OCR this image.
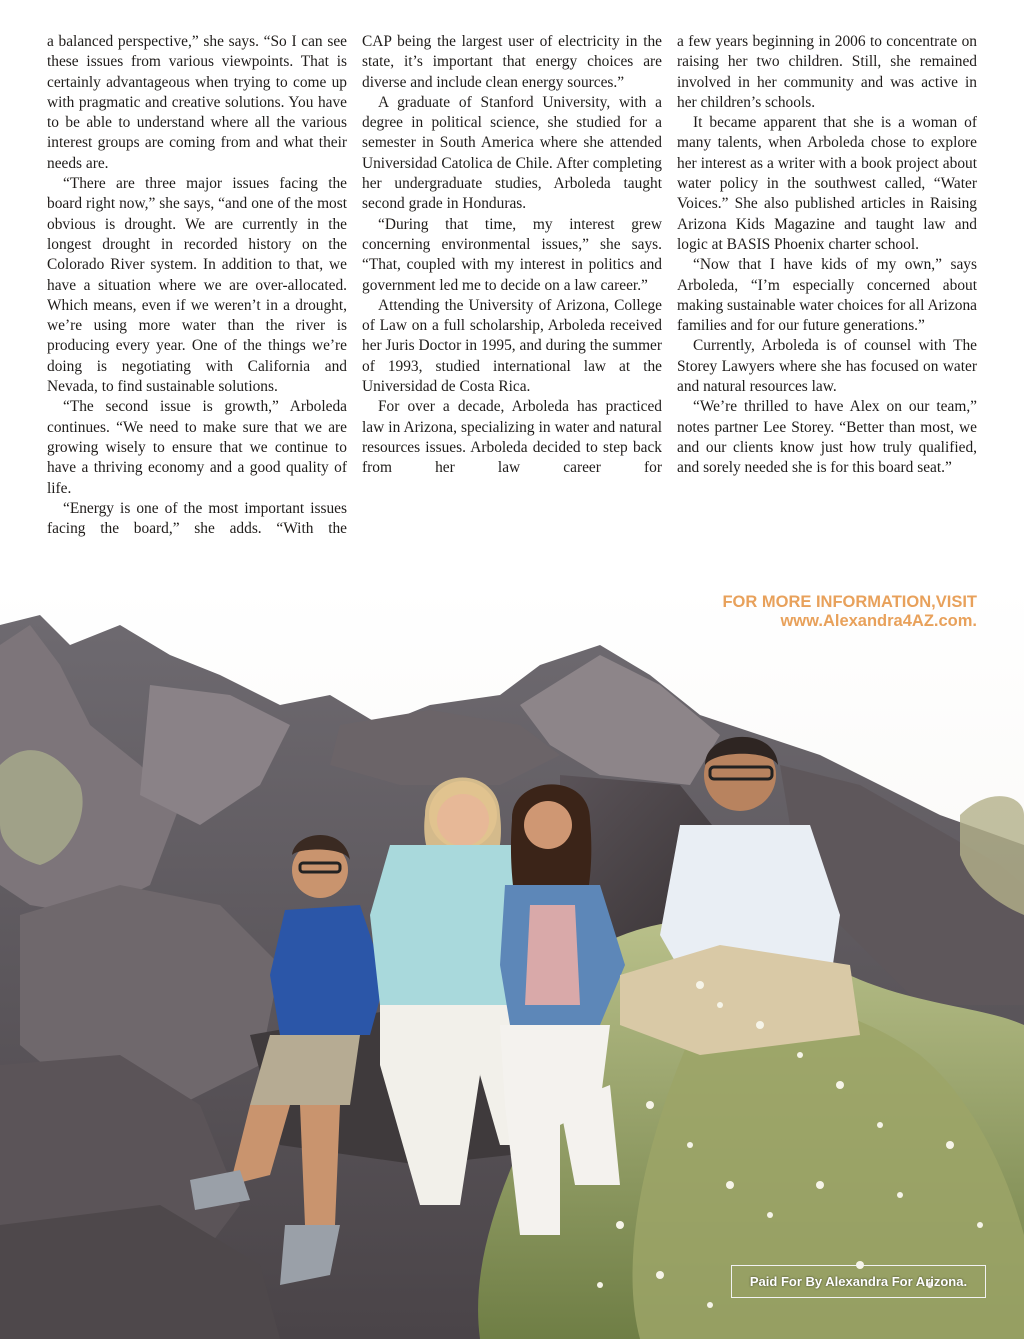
a balanced perspective,” she says. “So I can see these issues from various viewpoints. That is certainly advantageous when trying to come up with pragmatic and creative solutions. You have to be able to understand where all the various interest groups are coming from and what their needs are.

“There are three major issues facing the board right now,” she says, “and one of the most obvious is drought. We are currently in the longest drought in recorded history on the Colorado River system. In addition to that, we have a situation where we are over-allocated. Which means, even if we weren’t in a drought, we’re using more water than the river is producing every year. One of the things we’re doing is negotiating with California and Nevada, to find sustainable solutions.

“The second issue is growth,” Arboleda continues. “We need to make sure that we are growing wisely to ensure that we continue to have a thriving economy and a good quality of life.

“Energy is one of the most important issues facing the board,” she adds. “With the

CAP being the largest user of electricity in the state, it’s important that energy choices are diverse and include clean energy sources.”

A graduate of Stanford University, with a degree in political science, she studied for a semester in South America where she attended Universidad Catolica de Chile. After completing her undergraduate studies, Arboleda taught second grade in Honduras.

“During that time, my interest grew concerning environmental issues,” she says. “That, coupled with my interest in politics and government led me to decide on a law career.”

Attending the University of Arizona, College of Law on a full scholarship, Arboleda received her Juris Doctor in 1995, and during the summer of 1993, studied international law at the Universidad de Costa Rica.

For over a decade, Arboleda has practiced law in Arizona, specializing in water and natural resources issues. Arboleda decided to step back from her law career for

a few years beginning in 2006 to concentrate on raising her two children. Still, she remained involved in her community and was active in her children’s schools.

It became apparent that she is a woman of many talents, when Arboleda chose to explore her interest as a writer with a book project about water policy in the southwest called, “Water Voices.” She also published articles in Raising Arizona Kids Magazine and taught law and logic at BASIS Phoenix charter school.

“Now that I have kids of my own,” says Arboleda, “I’m especially concerned about making sustainable water choices for all Arizona families and for our future generations.”

Currently, Arboleda is of counsel with The Storey Lawyers where she has focused on water and natural resources law.

“We’re thrilled to have Alex on our team,” notes partner Lee Storey. “Better than most, we and our clients know just how truly qualified, and sorely needed she is for this board seat.”

FOR MORE INFORMATION,VISIT
www.Alexandra4AZ.com.
Paid For By Alexandra For Arizona.
